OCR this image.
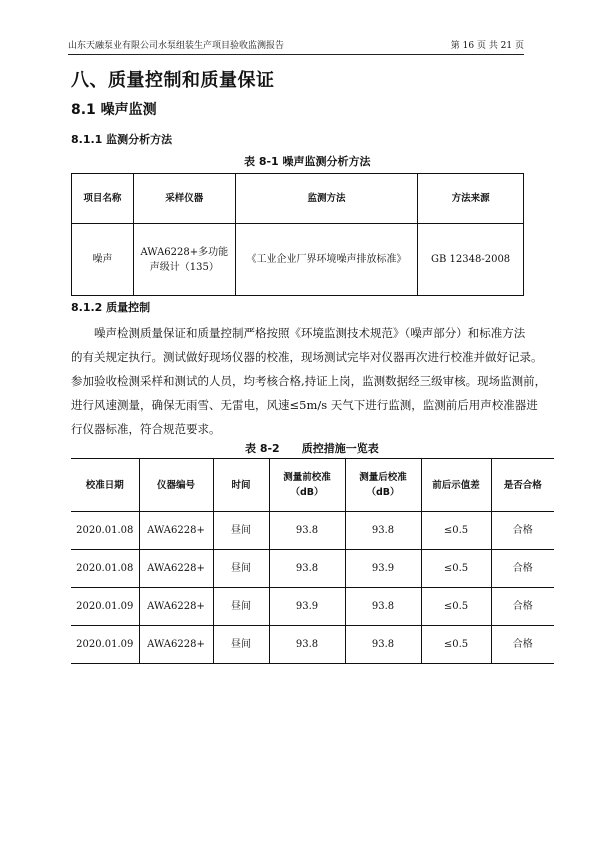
山东天融泵业有限公司水泵组装生产项目验收监测报告	第 16 页 共 21 页
八、质量控制和质量保证
8.1 噪声监测
8.1.1 监测分析方法
表 8-1 噪声监测分析方法
项目名称	采样仪器	监测方法	方法来源
噪声	AWA6228+多功能声级计（135）	《工业企业厂界环境噪声排放标准》	GB 12348-2008
8.1.2 质量控制
　　噪声检测质量保证和质量控制严格按照《环境监测技术规范》（噪声部分）和标准方法
的有关规定执行。测试做好现场仪器的校准，现场测试完毕对仪器再次进行校准并做好记录。
参加验收检测采样和测试的人员，均考核合格,持证上岗，监测数据经三级审核。现场监测前，
进行风速测量，确保无雨雪、无雷电，风速≤5m/s 天气下进行监测，监测前后用声校准器进
行仪器标准，符合规范要求。
表 8-2　　质控措施一览表
校准日期	仪器编号	时间	测量前校准（dB）	测量后校准（dB）	前后示值差	是否合格
2020.01.08	AWA6228+	昼间	93.8	93.8	≤0.5	合格
2020.01.08	AWA6228+	昼间	93.8	93.9	≤0.5	合格
2020.01.09	AWA6228+	昼间	93.9	93.8	≤0.5	合格
2020.01.09	AWA6228+	昼间	93.8	93.8	≤0.5	合格
